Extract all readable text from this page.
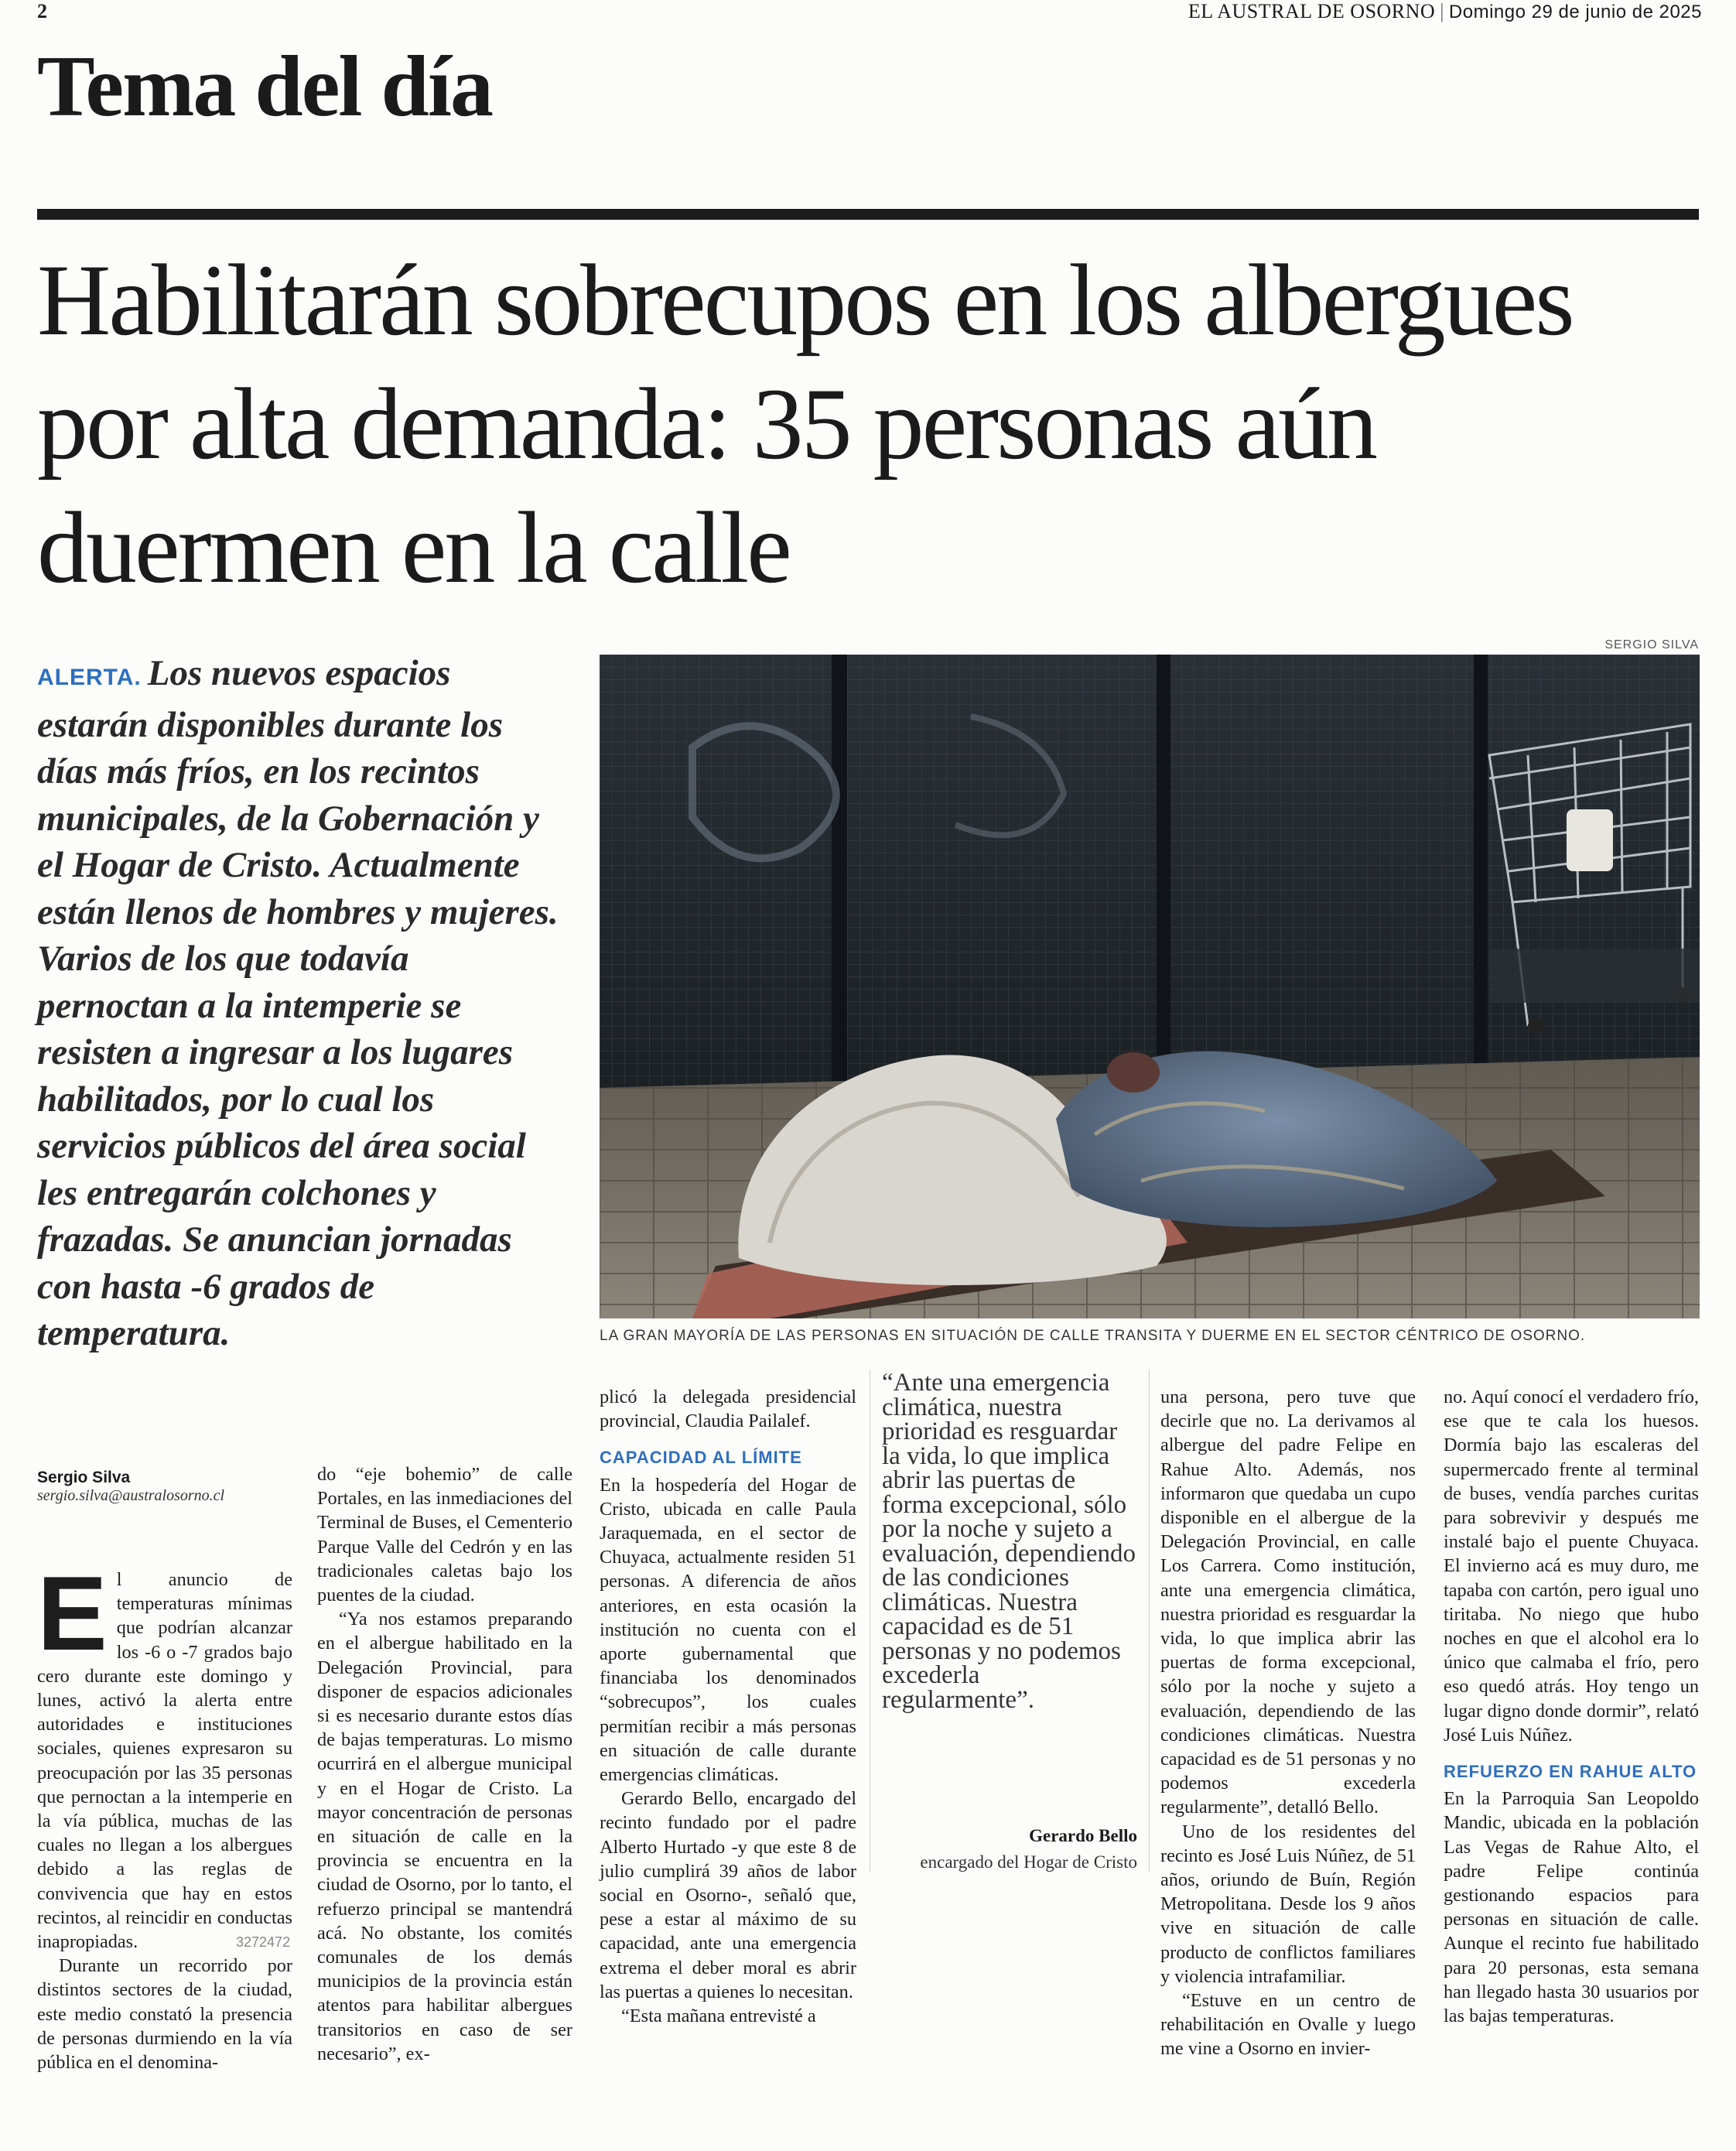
2	EL AUSTRAL DE OSORNO | Domingo 29 de junio de 2025
Tema del día
Habilitarán sobrecupos en los albergues por alta demanda: 35 personas aún duermen en la calle
ALERTA. Los nuevos espacios estarán disponibles durante los días más fríos, en los recintos municipales, de la Gobernación y el Hogar de Cristo. Actualmente están llenos de hombres y mujeres. Varios de los que todavía pernoctan a la intemperie se resisten a ingresar a los lugares habilitados, por lo cual los servicios públicos del área social les entregarán colchones y frazadas. Se anuncian jornadas con hasta -6 grados de temperatura.
SERGIO SILVA
LA GRAN MAYORÍA DE LAS PERSONAS EN SITUACIÓN DE CALLE TRANSITA Y DUERME EN EL SECTOR CÉNTRICO DE OSORNO.
Sergio Silva
sergio.silva@australosorno.cl

El anuncio de temperaturas mínimas que podrían alcanzar los -6 o -7 grados bajo cero durante este domingo y lunes, activó la alerta entre autoridades e instituciones sociales, quienes expresaron su preocupación por las 35 personas que pernoctan a la intemperie en la vía pública, muchas de las cuales no llegan a los albergues debido a las reglas de convivencia que hay en estos recintos, al reincidir en conductas inapropiadas.

Durante un recorrido por distintos sectores de la ciudad, este medio constató la presencia de personas durmiendo en la vía pública en el denomina-

3272472

do “eje bohemio” de calle Portales, en las inmediaciones del Terminal de Buses, el Cementerio Parque Valle del Cedrón y en las tradicionales caletas bajo los puentes de la ciudad.

“Ya nos estamos preparando en el albergue habilitado en la Delegación Provincial, para disponer de espacios adicionales si es necesario durante estos días de bajas temperaturas. Lo mismo ocurrirá en el albergue municipal y en el Hogar de Cristo. La mayor concentración de personas en situación de calle en la provincia se encuentra en la ciudad de Osorno, por lo tanto, el refuerzo principal se mantendrá acá. No obstante, los comités comunales de los demás municipios de la provincia están atentos para habilitar albergues transitorios en caso de ser necesario”, ex-

plicó la delegada presidencial provincial, Claudia Pailalef.

CAPACIDAD AL LÍMITE

En la hospedería del Hogar de Cristo, ubicada en calle Paula Jaraquemada, en el sector de Chuyaca, actualmente residen 51 personas. A diferencia de años anteriores, en esta ocasión la institución no cuenta con el aporte gubernamental que financiaba los denominados “sobrecupos”, los cuales permitían recibir a más personas en situación de calle durante emergencias climáticas.

Gerardo Bello, encargado del recinto fundado por el padre Alberto Hurtado -y que este 8 de julio cumplirá 39 años de labor social en Osorno-, señaló que, pese a estar al máximo de su capacidad, ante una emergencia extrema el deber moral es abrir las puertas a quienes lo necesitan.

“Esta mañana entrevisté a

“Ante una emergencia climática, nuestra prioridad es resguardar la vida, lo que implica abrir las puertas de forma excepcional, sólo por la noche y sujeto a evaluación, dependiendo de las condiciones climáticas. Nuestra capacidad es de 51 personas y no podemos excederla regularmente”.
Gerardo Bello
encargado del Hogar de Cristo

una persona, pero tuve que decirle que no. La derivamos al albergue del padre Felipe en Rahue Alto. Además, nos informaron que quedaba un cupo disponible en el albergue de la Delegación Provincial, en calle Los Carrera. Como institución, ante una emergencia climática, nuestra prioridad es resguardar la vida, lo que implica abrir las puertas de forma excepcional, sólo por la noche y sujeto a evaluación, dependiendo de las condiciones climáticas. Nuestra capacidad es de 51 personas y no podemos excederla regularmente”, detalló Bello.

Uno de los residentes del recinto es José Luis Núñez, de 51 años, oriundo de Buín, Región Metropolitana. Desde los 9 años vive en situación de calle producto de conflictos familiares y violencia intrafamiliar.

“Estuve en un centro de rehabilitación en Ovalle y luego me vine a Osorno en invier-

no. Aquí conocí el verdadero frío, ese que te cala los huesos. Dormía bajo las escaleras del supermercado frente al terminal de buses, vendía parches curitas para sobrevivir y después me instalé bajo el puente Chuyaca. El invierno acá es muy duro, me tapaba con cartón, pero igual uno tiritaba. No niego que hubo noches en que el alcohol era lo único que calmaba el frío, pero eso quedó atrás. Hoy tengo un lugar digno donde dormir”, relató José Luis Núñez.

REFUERZO EN RAHUE ALTO

En la Parroquia San Leopoldo Mandic, ubicada en la población Las Vegas de Rahue Alto, el padre Felipe continúa gestionando espacios para personas en situación de calle. Aunque el recinto fue habilitado para 20 personas, esta semana han llegado hasta 30 usuarios por las bajas temperaturas.
